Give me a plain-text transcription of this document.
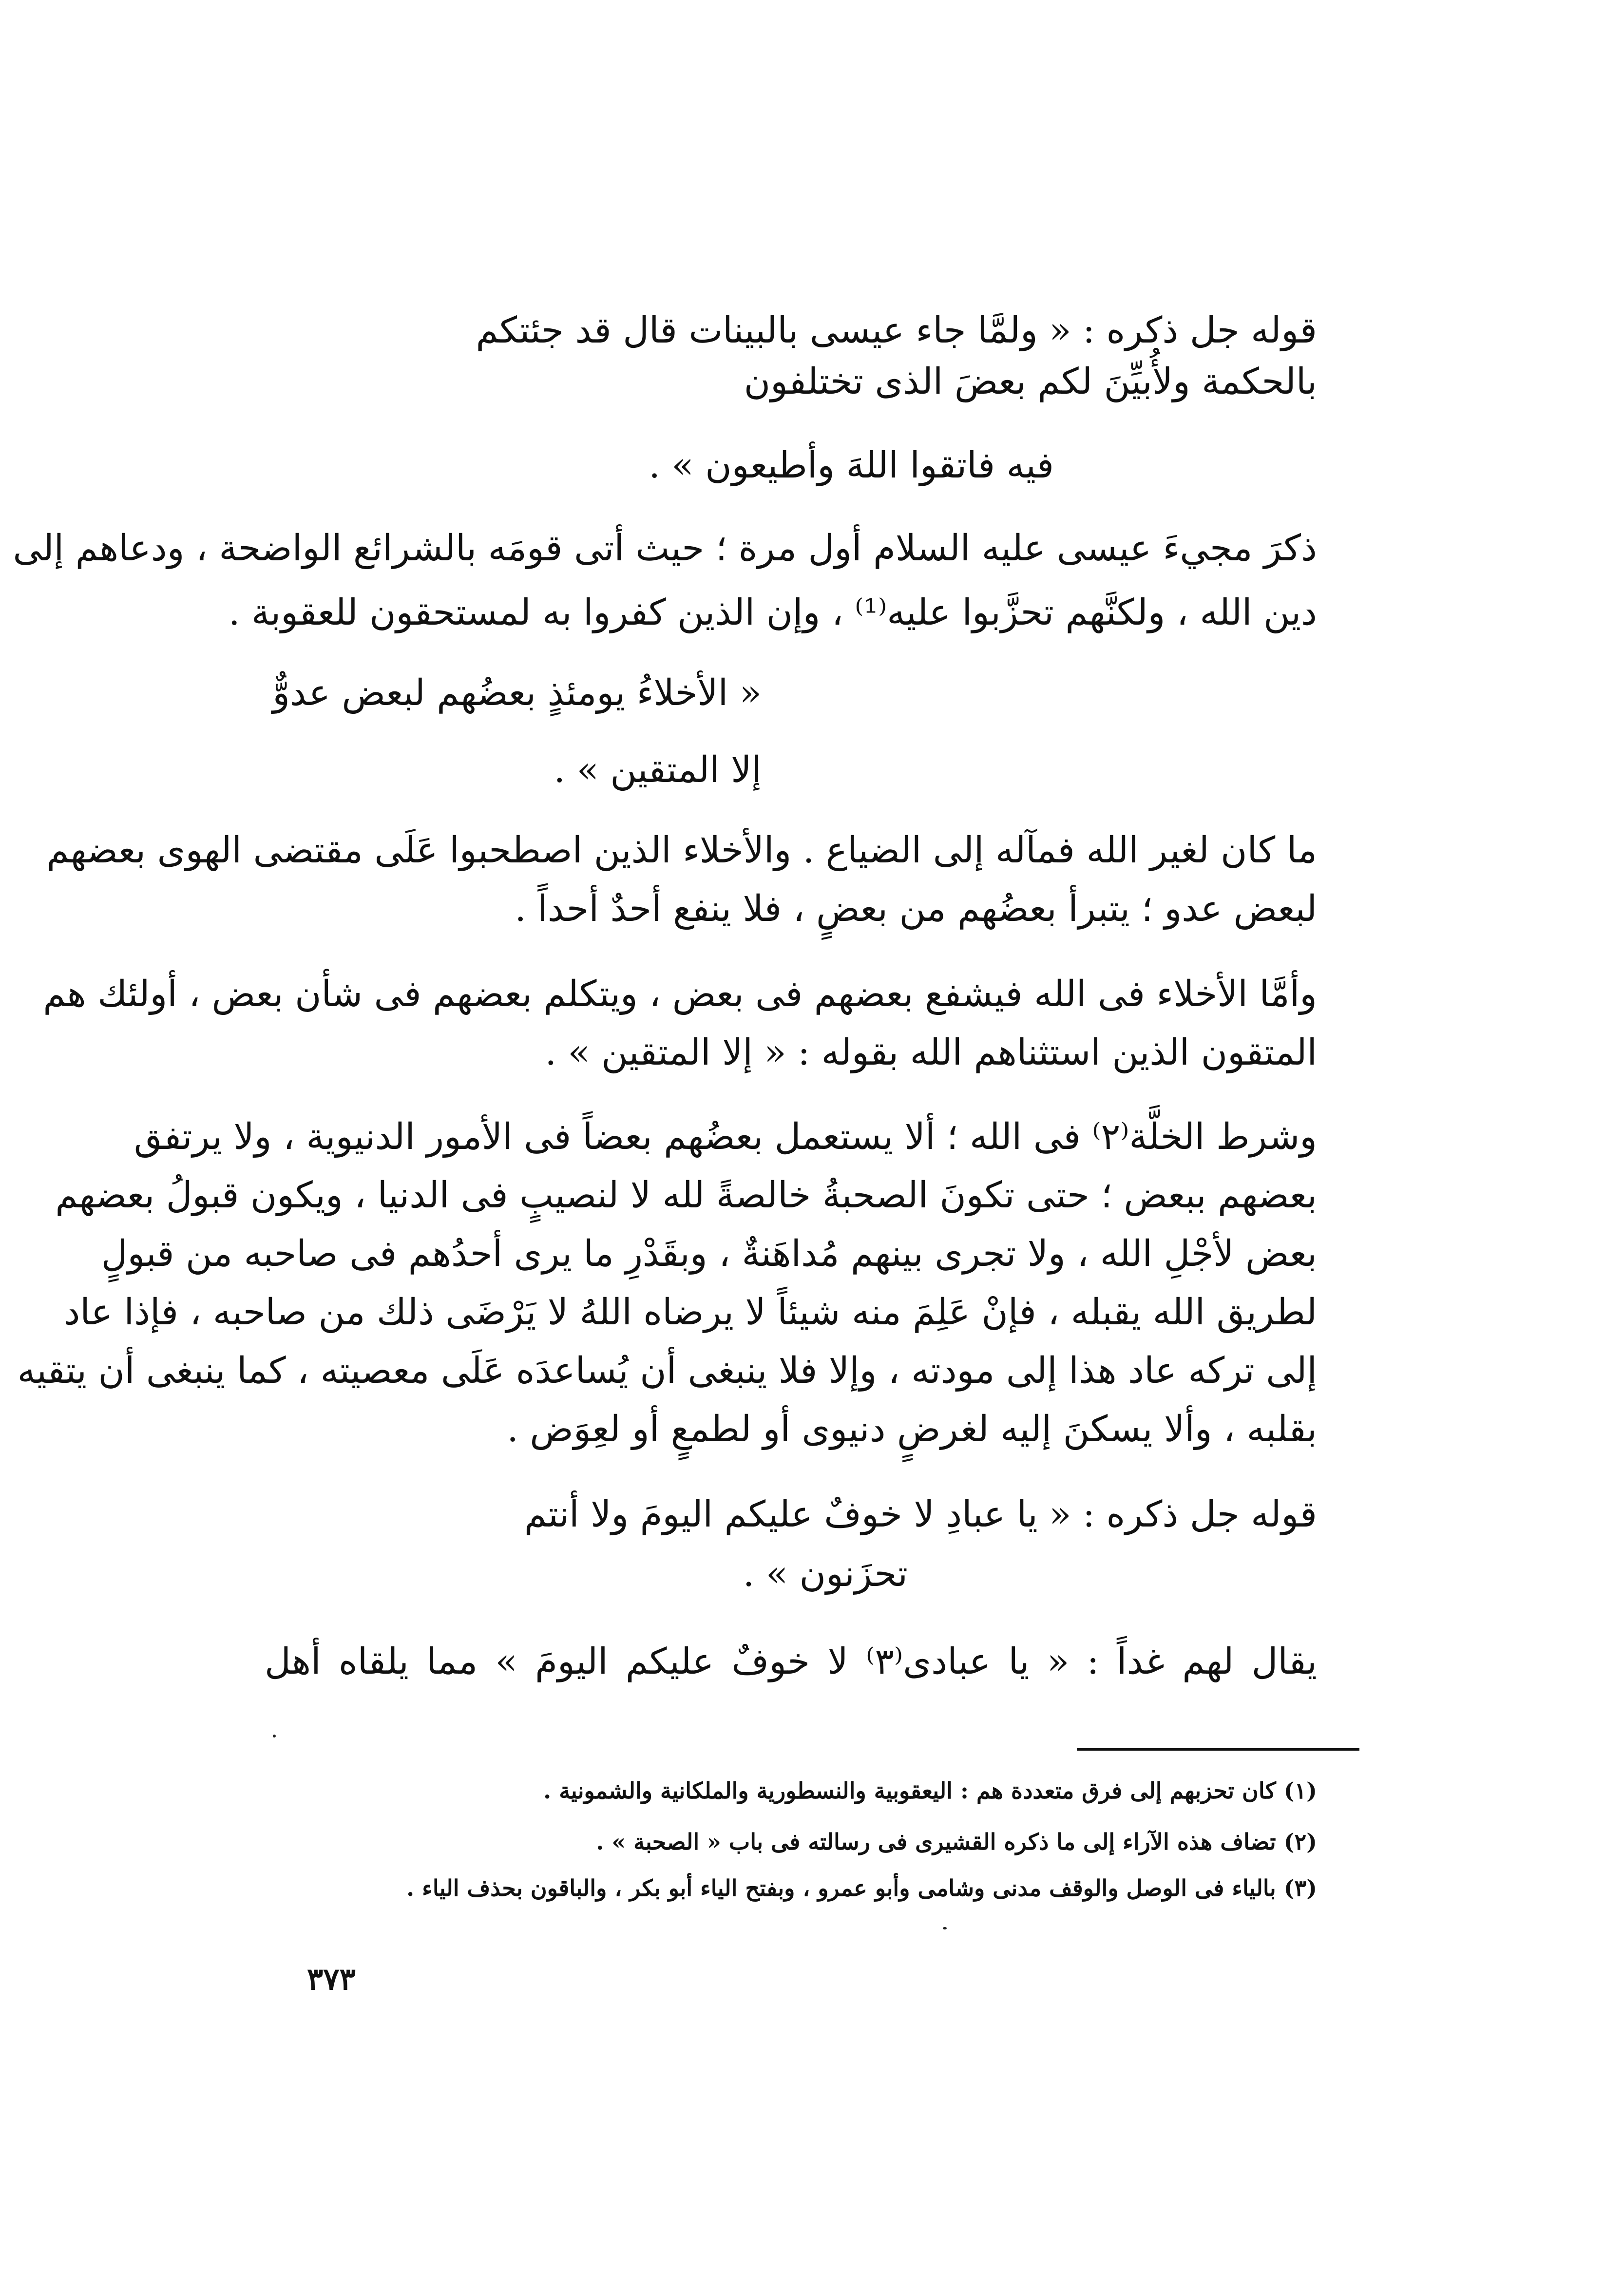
قوله جل ذكره : « ولمَّا جاء عيسى بالبينات قال قد جئتكم
بالحكمة ولأُبيِّنَ لكم بعضَ الذى تختلفون
فيه فاتقوا اللهَ وأطيعون » .
ذكرَ مجيءَ عيسى عليه السلام أول مرة ؛ حيث أتى قومَه بالشرائع الواضحة ، ودعاهم إلى
دين الله ، ولكنَّهم تحزَّبوا عليه⁽¹⁾ ، وإن الذين كفروا به لمستحقون للعقوبة .
« الأخلاءُ يومئذٍ بعضُهم لبعض عدوٌّ
إلا المتقين » .
ما كان لغير الله فمآله إلى الضياع . والأخلاء الذين اصطحبوا عَلَى مقتضى الهوى بعضهم
لبعض عدو ؛ يتبرأ بعضُهم من بعضٍ ، فلا ينفع أحدٌ أحداً .
وأمَّا الأخلاء فى الله فيشفع بعضهم فى بعض ، ويتكلم بعضهم فى شأن بعض ، أولئك هم
المتقون الذين استثناهم الله بقوله : « إلا المتقين » .
وشرط الخلَّة⁽٢⁾ فى الله ؛ ألا يستعمل بعضُهم بعضاً فى الأمور الدنيوية ، ولا يرتفق
بعضهم ببعض ؛ حتى تكونَ الصحبةُ خالصةً لله لا لنصيبٍ فى الدنيا ، ويكون قبولُ بعضهم
بعض لأجْلِ الله ، ولا تجرى بينهم مُداهَنةٌ ، وبقَدْرِ ما يرى أحدُهم فى صاحبه من قبولٍ
لطريق الله يقبله ، فإنْ عَلِمَ منه شيئاً لا يرضاه اللهُ لا يَرْضَى ذلك من صاحبه ، فإذا عاد
إلى تركه عاد هذا إلى مودته ، وإلا فلا ينبغى أن يُساعدَه عَلَى معصيته ، كما ينبغى أن يتقيه
بقلبه ، وألا يسكنَ إليه لغرضٍ دنيوى أو لطمعٍ أو لعِوَض .
قوله جل ذكره : « يا عبادِ لا خوفٌ عليكم اليومَ ولا أنتم
تحزَنون » .
يقال لهم غداً : « يا عبادى⁽٣⁾ لا خوفٌ عليكم اليومَ » مما يلقاه أهل
(١) كان تحزبهم إلى فرق متعددة هم : اليعقوبية والنسطورية والملكانية والشمونية .
(٢) تضاف هذه الآراء إلى ما ذكره القشيرى فى رسالته فى باب « الصحبة » .
(٣) بالياء فى الوصل والوقف مدنى وشامى وأبو عمرو ، وبفتح الياء أبو بكر ، والباقون بحذف الياء .
٣٧٣
